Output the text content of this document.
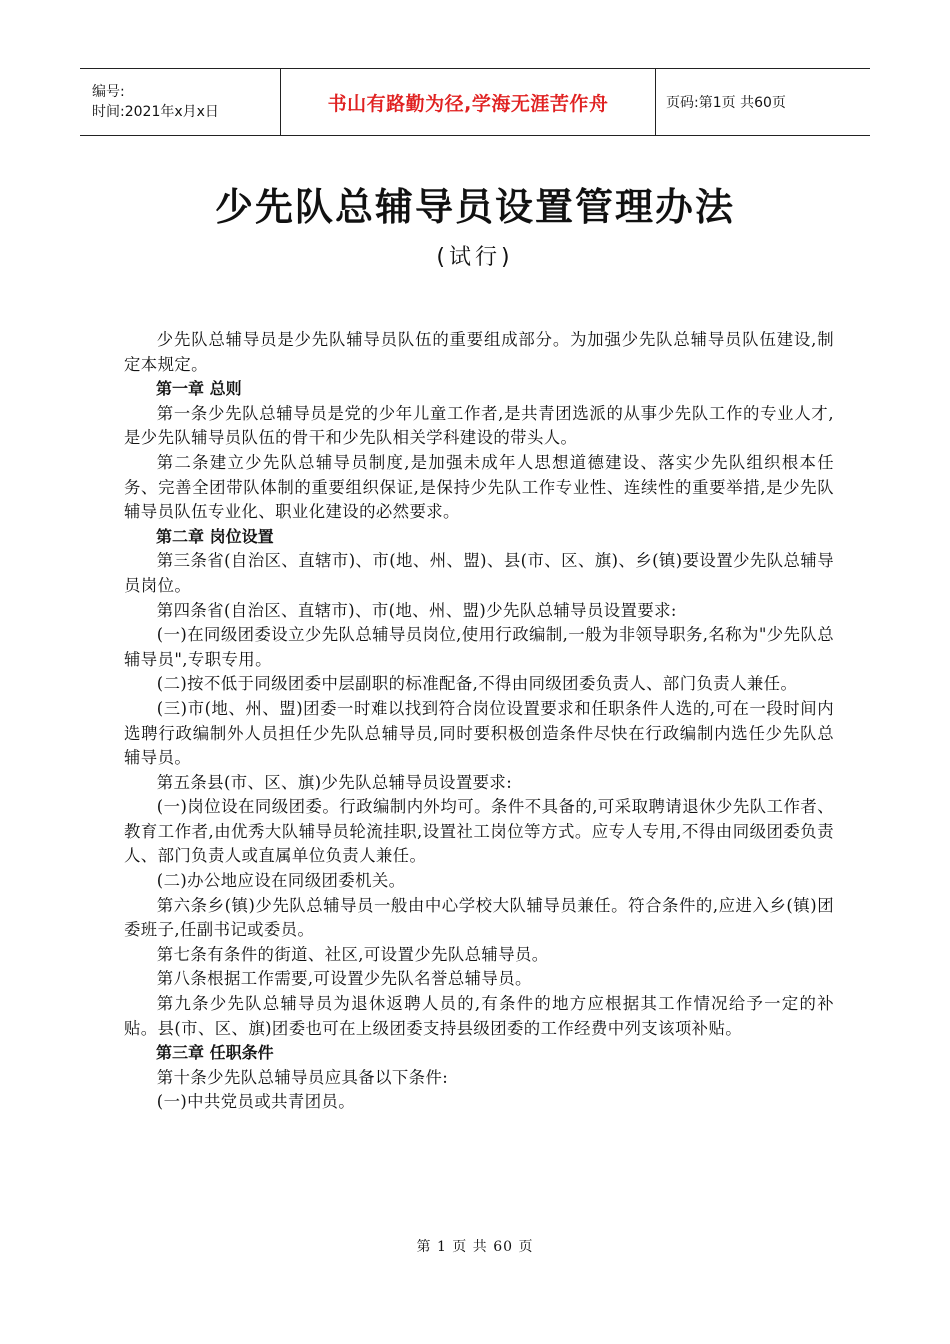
编号:
时间:2021年x月x日	书山有路勤为径,学海无涯苦作舟	页码:第1页 共60页
少先队总辅导员设置管理办法
(试行)

少先队总辅导员是少先队辅导员队伍的重要组成部分。为加强少先队总辅导员队伍建设,制定本规定。

第一章 总则

第一条少先队总辅导员是党的少年儿童工作者,是共青团选派的从事少先队工作的专业人才,是少先队辅导员队伍的骨干和少先队相关学科建设的带头人。

第二条建立少先队总辅导员制度,是加强未成年人思想道德建设、落实少先队组织根本任务、完善全团带队体制的重要组织保证,是保持少先队工作专业性、连续性的重要举措,是少先队辅导员队伍专业化、职业化建设的必然要求。

第二章 岗位设置

第三条省(自治区、直辖市)、市(地、州、盟)、县(市、区、旗)、乡(镇)要设置少先队总辅导员岗位。

第四条省(自治区、直辖市)、市(地、州、盟)少先队总辅导员设置要求:

(一)在同级团委设立少先队总辅导员岗位,使用行政编制,一般为非领导职务,名称为"少先队总辅导员",专职专用。

(二)按不低于同级团委中层副职的标准配备,不得由同级团委负责人、部门负责人兼任。

(三)市(地、州、盟)团委一时难以找到符合岗位设置要求和任职条件人选的,可在一段时间内选聘行政编制外人员担任少先队总辅导员,同时要积极创造条件尽快在行政编制内选任少先队总辅导员。

第五条县(市、区、旗)少先队总辅导员设置要求:

(一)岗位设在同级团委。行政编制内外均可。条件不具备的,可采取聘请退休少先队工作者、教育工作者,由优秀大队辅导员轮流挂职,设置社工岗位等方式。应专人专用,不得由同级团委负责人、部门负责人或直属单位负责人兼任。

(二)办公地应设在同级团委机关。

第六条乡(镇)少先队总辅导员一般由中心学校大队辅导员兼任。符合条件的,应进入乡(镇)团委班子,任副书记或委员。

第七条有条件的街道、社区,可设置少先队总辅导员。

第八条根据工作需要,可设置少先队名誉总辅导员。

第九条少先队总辅导员为退休返聘人员的,有条件的地方应根据其工作情况给予一定的补贴。县(市、区、旗)团委也可在上级团委支持县级团委的工作经费中列支该项补贴。

第三章 任职条件

第十条少先队总辅导员应具备以下条件:

(一)中共党员或共青团员。

第 1 页 共 60 页
